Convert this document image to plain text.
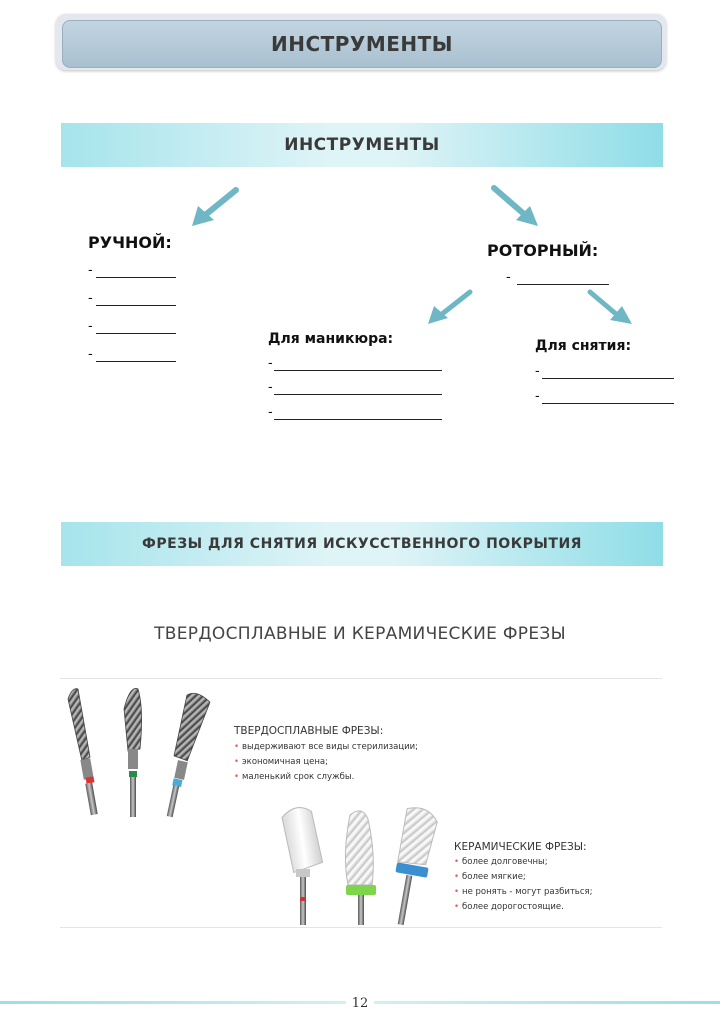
ИНСТРУМЕНТЫ
ИНСТРУМЕНТЫ
РУЧНОЙ:
-
-
-
-
РОТОРНЫЙ:
-
Для маникюра:
-
-
-
Для снятия:
-
-
ФРЕЗЫ ДЛЯ СНЯТИЯ ИСКУССТВЕННОГО ПОКРЫТИЯ
ТВЕРДОСПЛАВНЫЕ И КЕРАМИЧЕСКИЕ ФРЕЗЫ
ТВЕРДОСПЛАВНЫЕ ФРЕЗЫ:
• выдерживают все виды стерилизации;
• экономичная цена;
• маленький срок службы.
КЕРАМИЧЕСКИЕ ФРЕЗЫ:
• более долговечны;
• более мягкие;
• не ронять - могут разбиться;
• более дорогостоящие.
12
